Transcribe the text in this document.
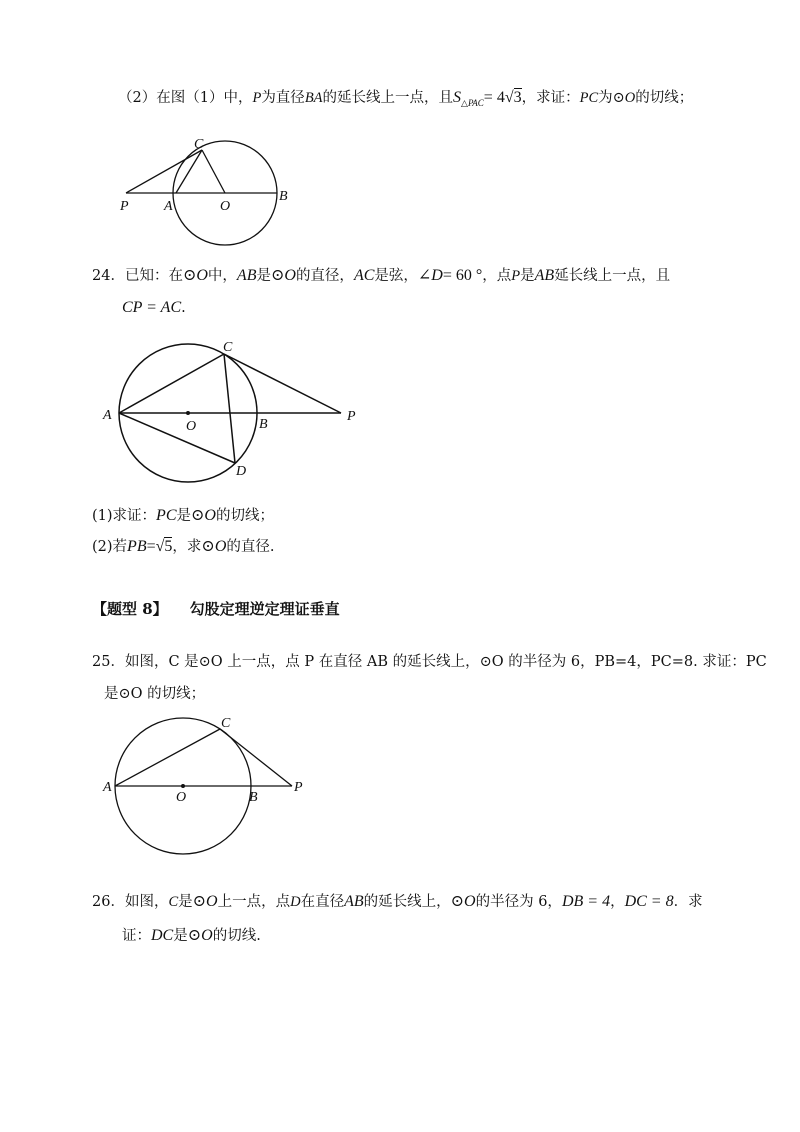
（2）在图（1）中，P为直径BA的延长线上一点，且$S_{\triangle PAC}= 4√3$，求证：PC为⊙O的切线；
C
P	A	O
B
24．已知：在⊙O中，AB是⊙O的直径，AC是弦，∠D= 60 °，点P是AB延长线上一点，且
CP = AC.
C
A
O	B
P
D
(1)求证：PC是⊙O的切线；
(2)若PB=√5，求⊙O的直径.
【题型 8】 勾股定理逆定理证垂直
25．如图，C 是⊙O 上一点，点 P 在直径 AB 的延长线上，⊙O 的半径为 6，PB=4，PC=8. 求证：PC
是⊙O 的切线；
C
A
O	B
P
26．如图，C是⊙O上一点，点D在直径AB的延长线上，⊙O的半径为 6，DB = 4，DC = 8．求
证：DC是⊙O的切线.
